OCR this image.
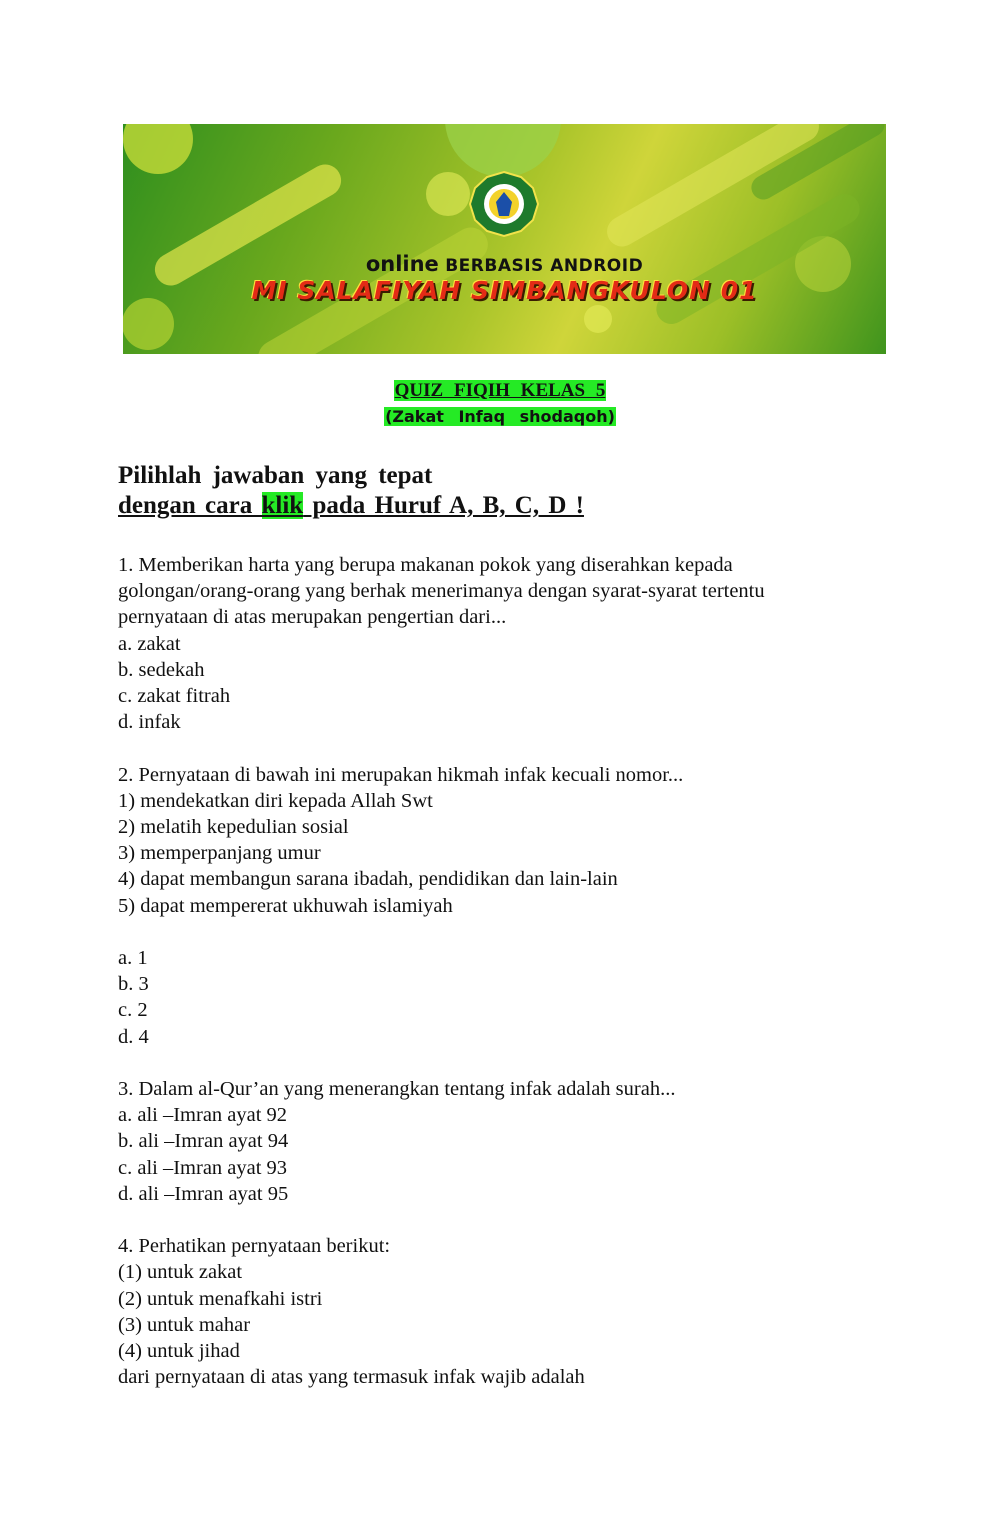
online BERBASIS ANDROID
MI SALAFIYAH SIMBANGKULON 01
QUIZ FIQIH KELAS 5
(Zakat Infaq shodaqoh)
Pilihlah jawaban yang tepat
dengan cara klik pada Huruf A, B, C, D !
1. Memberikan harta yang berupa makanan pokok yang diserahkan kepada
golongan/orang-orang yang berhak menerimanya dengan syarat-syarat tertentu
pernyataan di atas merupakan pengertian dari...
a. zakat
b. sedekah
c. zakat fitrah
d. infak
2. Pernyataan di bawah ini merupakan hikmah infak kecuali nomor...
1) mendekatkan diri kepada Allah Swt
2) melatih kepedulian sosial
3) memperpanjang umur
4) dapat membangun sarana ibadah, pendidikan dan lain-lain
5) dapat mempererat ukhuwah islamiyah
a. 1
b. 3
c. 2
d. 4
3. Dalam al-Qur’an yang menerangkan tentang infak adalah surah...
a. ali –Imran ayat 92
b. ali –Imran ayat 94
c. ali –Imran ayat 93
d. ali –Imran ayat 95
4. Perhatikan pernyataan berikut:
(1) untuk zakat
(2) untuk menafkahi istri
(3) untuk mahar
(4) untuk jihad
dari pernyataan di atas yang termasuk infak wajib adalah
